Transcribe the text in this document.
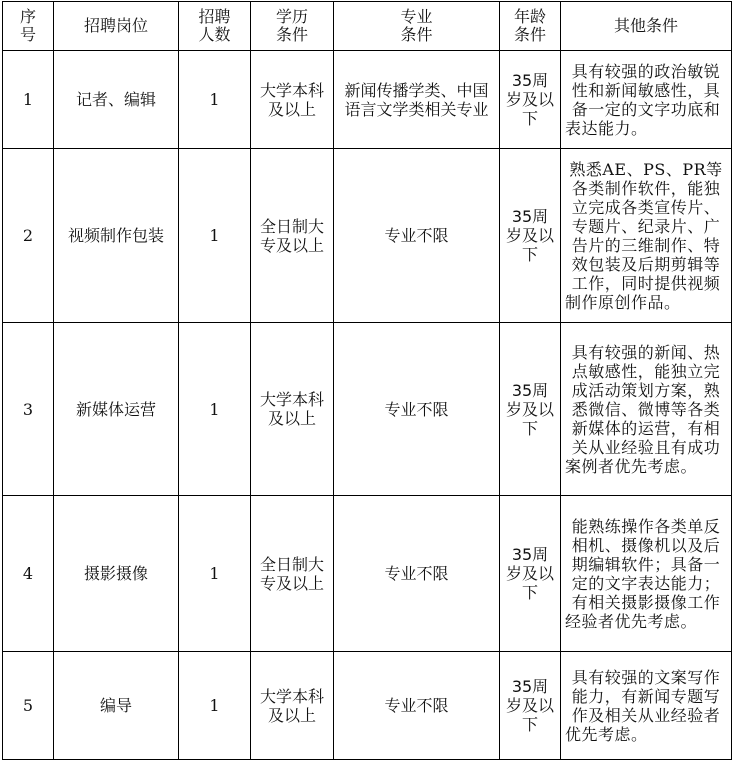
序号	招聘岗位	招聘人数	学历条件	专业条件	年龄条件	其他条件
1	记者、编辑	1	大学本科及以上	新闻传播学类、中国语言文学类相关专业	35周岁及以下	具有较强的政治敏锐性和新闻敏感性，具备一定的文字功底和表达能力。
2	视频制作包装	1	全日制大专及以上	专业不限	35周岁及以下	熟悉AE、PS、PR等各类制作软件，能独立完成各类宣传片、专题片、纪录片、广告片的三维制作、特效包装及后期剪辑等工作，同时提供视频制作原创作品。
3	新媒体运营	1	大学本科及以上	专业不限	35周岁及以下	具有较强的新闻、热点敏感性，能独立完成活动策划方案，熟悉微信、微博等各类新媒体的运营，有相关从业经验且有成功案例者优先考虑。
4	摄影摄像	1	全日制大专及以上	专业不限	35周岁及以下	能熟练操作各类单反相机、摄像机以及后期编辑软件；具备一定的文字表达能力；有相关摄影摄像工作经验者优先考虑。
5	编导	1	大学本科及以上	专业不限	35周岁及以下	具有较强的文案写作能力，有新闻专题写作及相关从业经验者优先考虑。
